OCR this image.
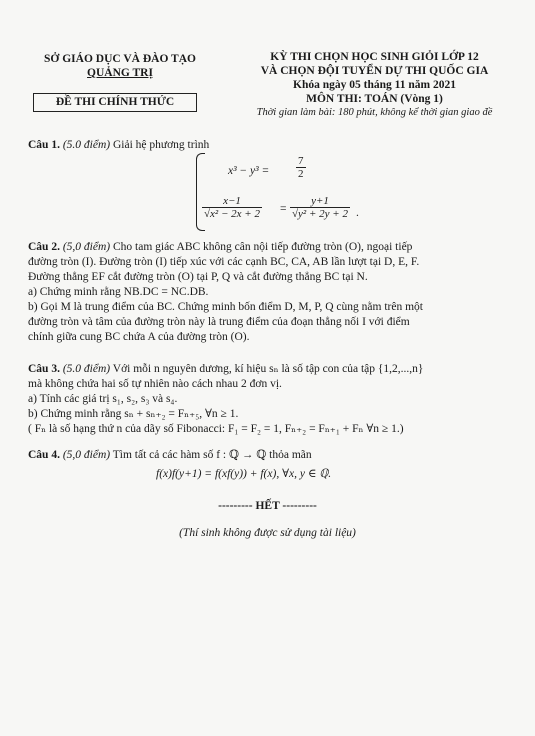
SỞ GIÁO DỤC VÀ ĐÀO TẠO
QUẢNG TRỊ
ĐỀ THI CHÍNH THỨC
KỲ THI CHỌN HỌC SINH GIỎI LỚP 12
VÀ CHỌN ĐỘI TUYỂN DỰ THI QUỐC GIA
Khóa ngày 05 tháng 11 năm 2021
MÔN THI: TOÁN (Vòng 1)
Thời gian làm bài: 180 phút, không kể thời gian giao đề
Câu 1. (5.0 điểm) Giải hệ phương trình
$x^3 - y^3 = \frac{7}{2}$
$\frac{x-1}{\text{√x² − 2x + 2}} = \frac{y+1}{\text{√y² + 2y + 2}}$ .
Câu 2. (5,0 điểm) Cho tam giác ABC không cân nội tiếp đường tròn (O), ngoại tiếp
đường tròn (I). Đường tròn (I) tiếp xúc với các cạnh BC, CA, AB lần lượt tại D, E, F.
Đường thẳng EF cắt đường tròn (O) tại P, Q và cắt đường thẳng BC tại N.
a) Chứng minh rằng NB.DC = NC.DB.
b) Gọi M là trung điểm của BC. Chứng minh bốn điểm D, M, P, Q cùng nằm trên một
đường tròn và tâm của đường tròn này là trung điểm của đoạn thẳng nối I với điểm
chính giữa cung BC chứa A của đường tròn (O).
Câu 3. (5.0 điểm) Với mỗi n nguyên dương, kí hiệu sₙ là số tập con của tập {1,2,...,n}
mà không chứa hai số tự nhiên nào cách nhau 2 đơn vị.
a) Tính các giá trị s₁, s₂, s₃ và s₄.
b) Chứng minh rằng sₙ + sₙ₊₂ = Fₙ₊₅, ∀n ≥ 1.
( Fₙ là số hạng thứ n của dãy số Fibonacci: F₁ = F₂ = 1, Fₙ₊₂ = Fₙ₊₁ + Fₙ ∀n ≥ 1.)
Câu 4. (5,0 điểm) Tìm tất cả các hàm số f : ℚ → ℚ thỏa mãn
f(x)f(y+1) = f(xf(y)) + f(x), ∀x, y ∈ ℚ.
--------- HẾT ---------
(Thí sinh không được sử dụng tài liệu)
